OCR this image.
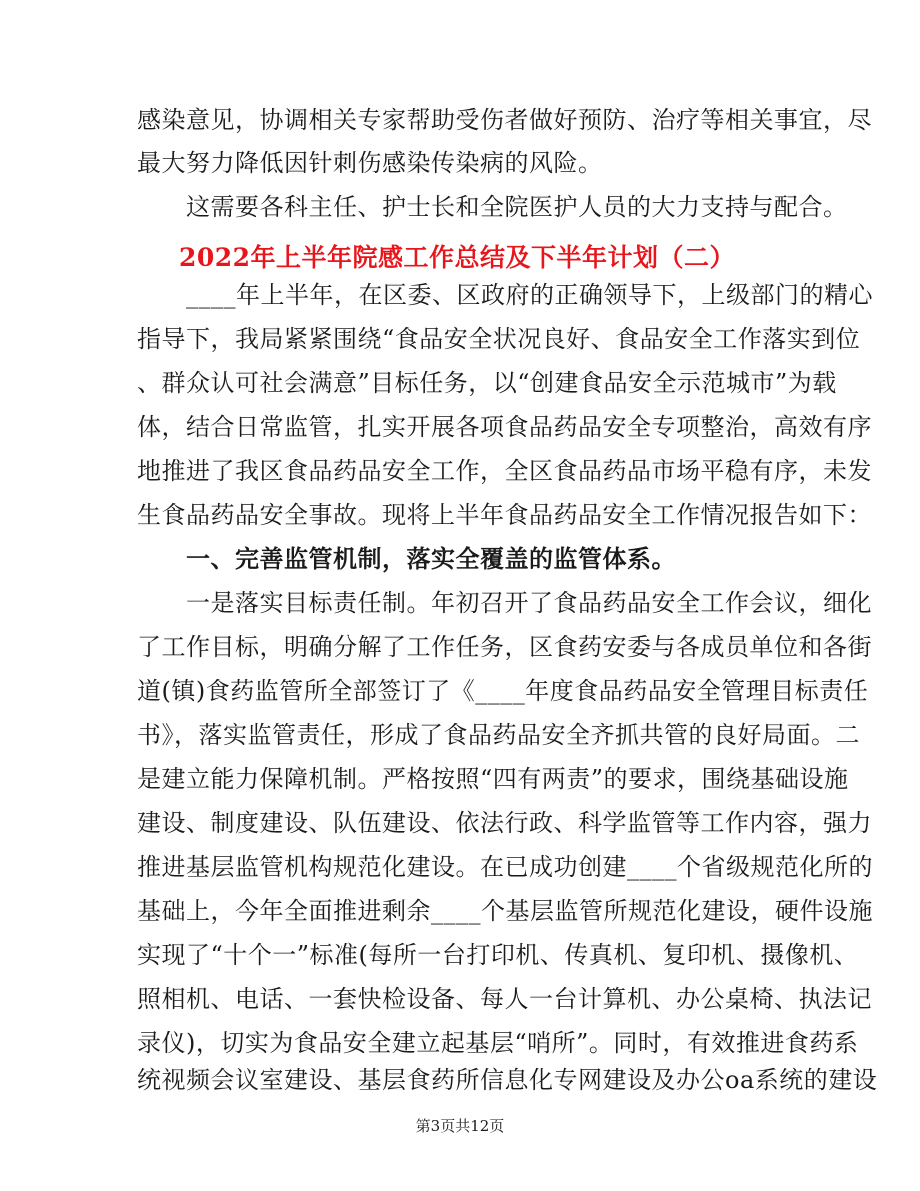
感染意见，协调相关专家帮助受伤者做好预防、治疗等相关事宜，尽
最大努力降低因针刺伤感染传染病的风险。
　　这需要各科主任、护士长和全院医护人员的大力支持与配合。
2022年上半年院感工作总结及下半年计划（二）
　　____年上半年，在区委、区政府的正确领导下，上级部门的精心
指导下，我局紧紧围绕“食品安全状况良好、食品安全工作落实到位
、群众认可社会满意”目标任务，以“创建食品安全示范城市”为载
体，结合日常监管，扎实开展各项食品药品安全专项整治，高效有序
地推进了我区食品药品安全工作，全区食品药品市场平稳有序，未发
生食品药品安全事故。现将上半年食品药品安全工作情况报告如下：
　　一、完善监管机制，落实全覆盖的监管体系。
　　一是落实目标责任制。年初召开了食品药品安全工作会议，细化
了工作目标，明确分解了工作任务，区食药安委与各成员单位和各街
道(镇)食药监管所全部签订了《____年度食品药品安全管理目标责任
书》，落实监管责任，形成了食品药品安全齐抓共管的良好局面。二
是建立能力保障机制。严格按照“四有两责”的要求，围绕基础设施
建设、制度建设、队伍建设、依法行政、科学监管等工作内容，强力
推进基层监管机构规范化建设。在已成功创建____个省级规范化所的
基础上，今年全面推进剩余____个基层监管所规范化建设，硬件设施
实现了“十个一”标准(每所一台打印机、传真机、复印机、摄像机、
照相机、电话、一套快检设备、每人一台计算机、办公桌椅、执法记
录仪)，切实为食品安全建立起基层“哨所”。同时，有效推进食药系
统视频会议室建设、基层食药所信息化专网建设及办公oa系统的建设
第3页共12页
